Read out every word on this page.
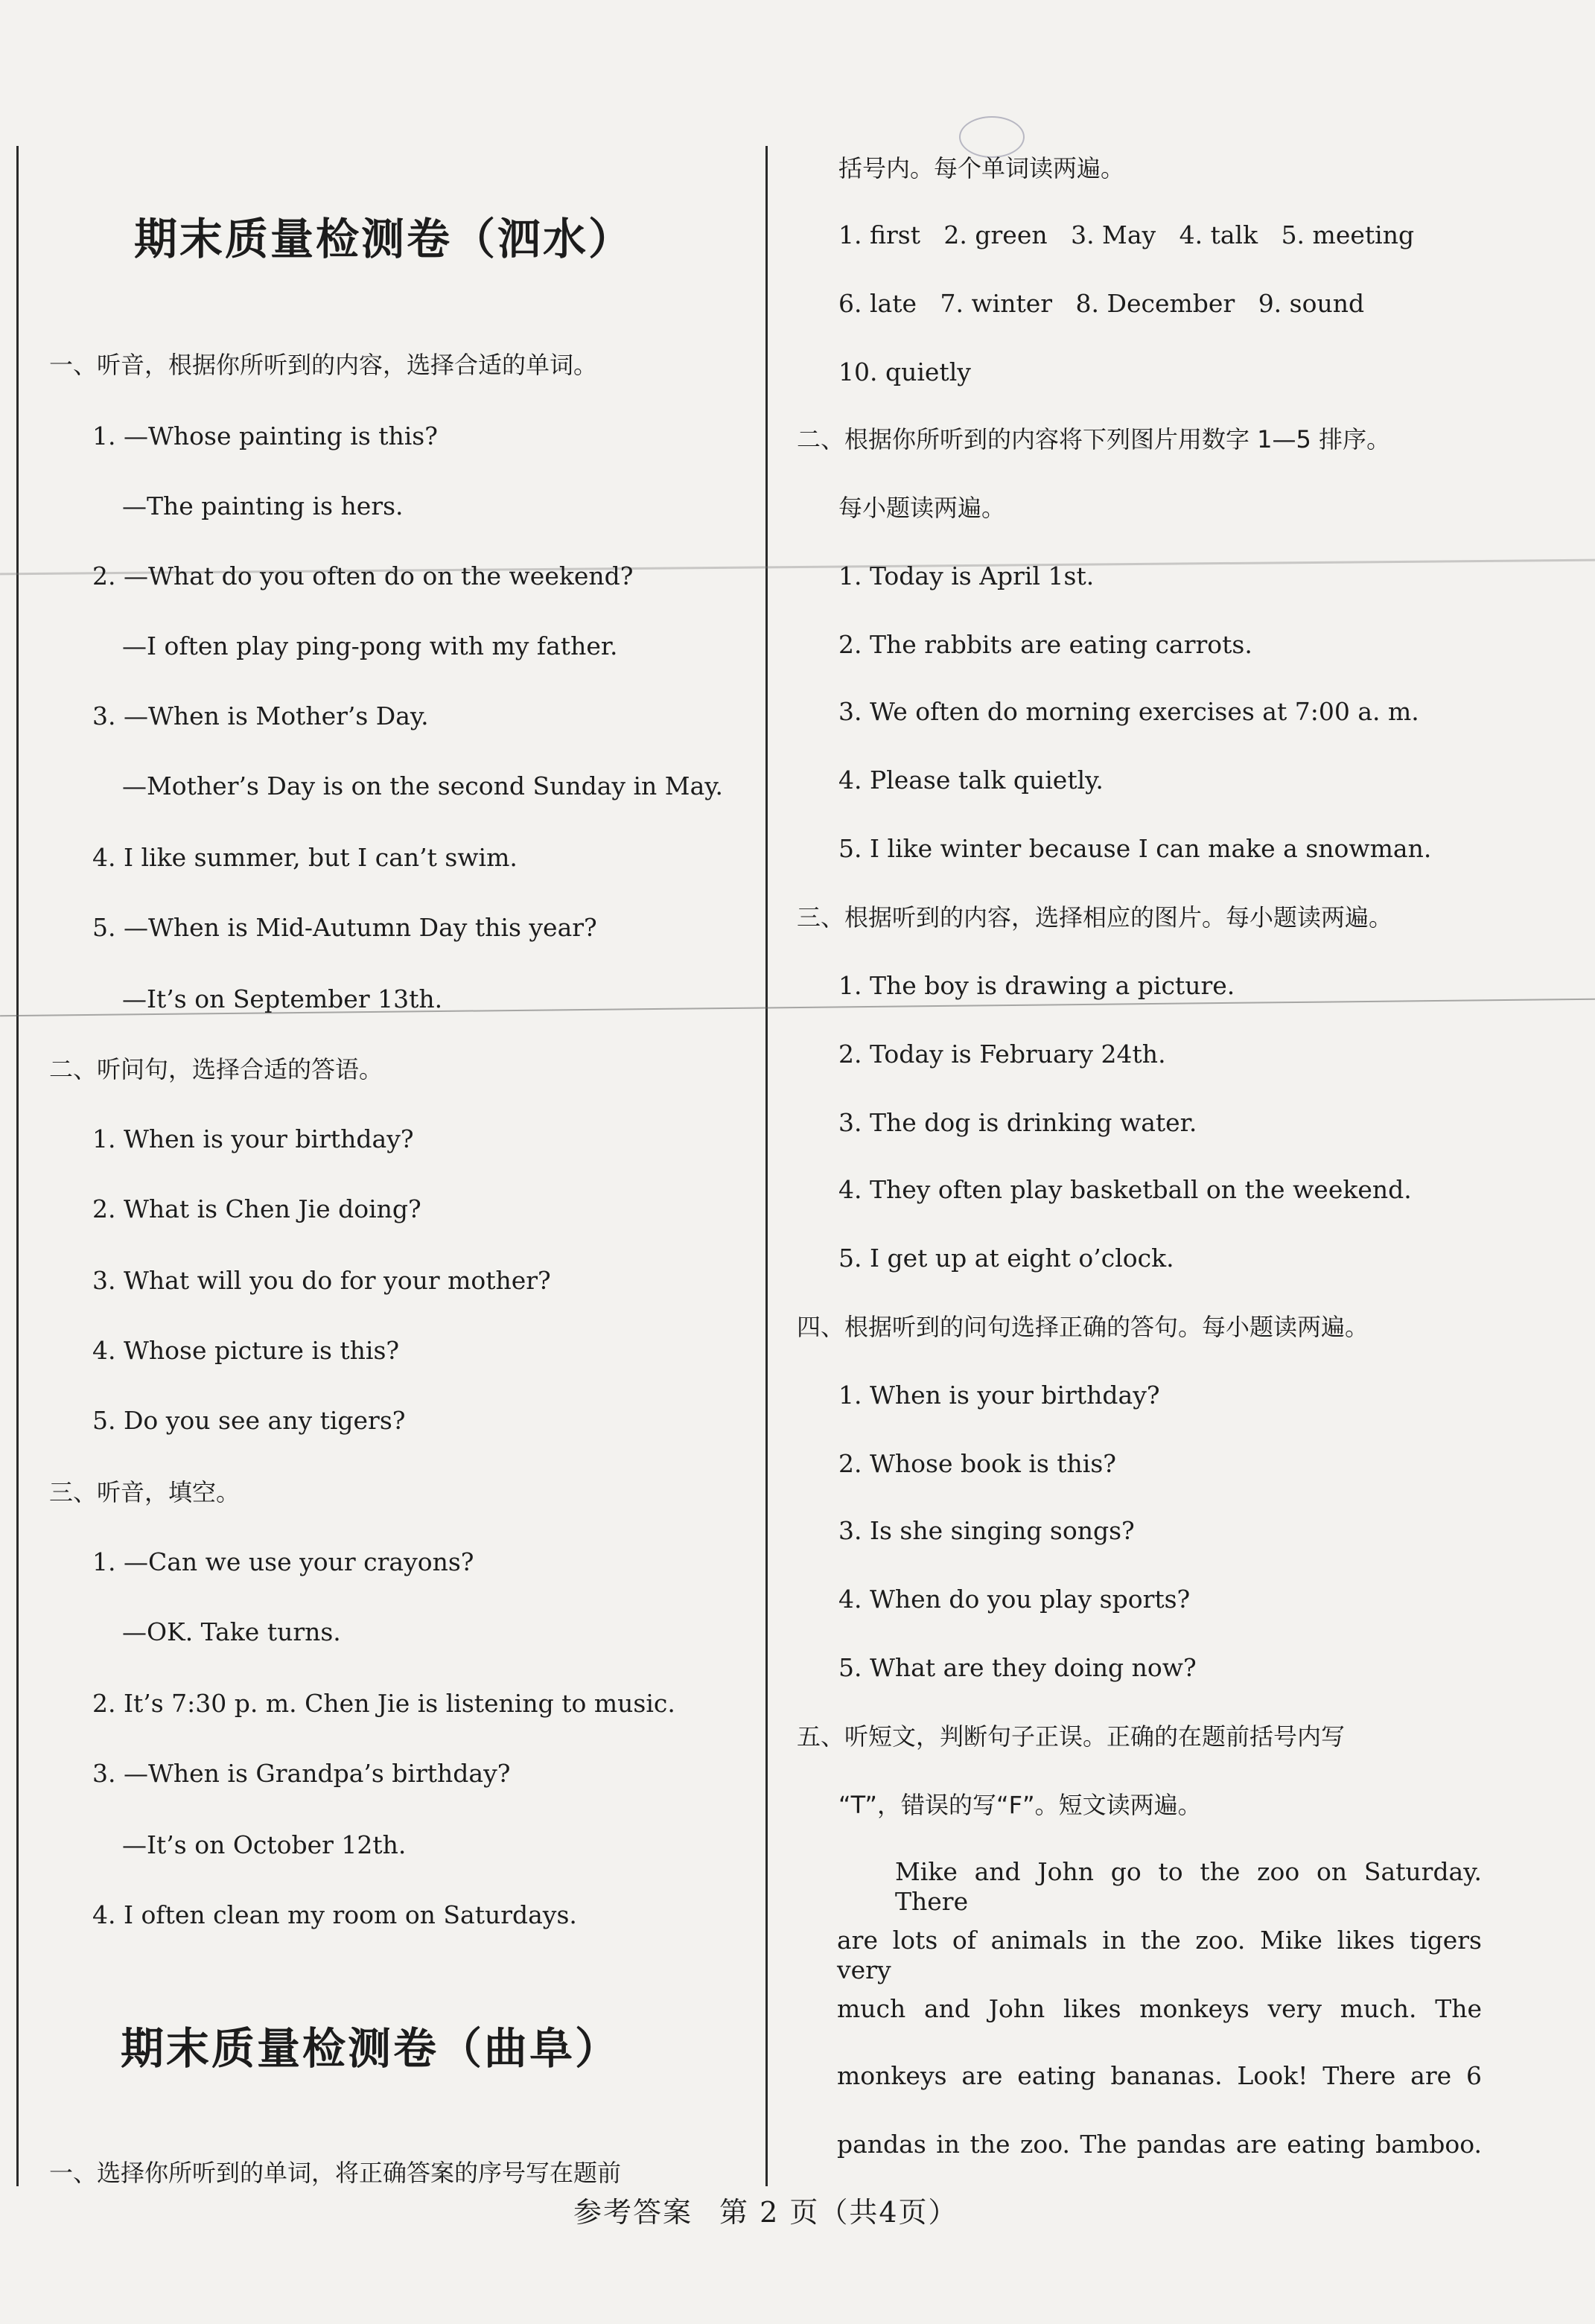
期末质量检测卷（泗水）
一、听音，根据你所听到的内容，选择合适的单词。
1. —Whose painting is this?
—The painting is hers.
2. —What do you often do on the weekend?
—I often play ping-pong with my father.
3. —When is Mother’s Day.
—Mother’s Day is on the second Sunday in May.
4. I like summer, but I can’t swim.
5. —When is Mid-Autumn Day this year?
—It’s on September 13th.
二、听问句，选择合适的答语。
1. When is your birthday?
2. What is Chen Jie doing?
3. What will you do for your mother?
4. Whose picture is this?
5. Do you see any tigers?
三、听音，填空。
1. —Can we use your crayons?
—OK. Take turns.
2. It’s 7:30 p. m. Chen Jie is listening to music.
3. —When is Grandpa’s birthday?
—It’s on October 12th.
4. I often clean my room on Saturdays.
期末质量检测卷（曲阜）
一、选择你所听到的单词，将正确答案的序号写在题前
括号内。每个单词读两遍。
1. first   2. green   3. May   4. talk   5. meeting
6. late   7. winter   8. December   9. sound
10. quietly
二、根据你所听到的内容将下列图片用数字 1—5 排序。
每小题读两遍。
1. Today is April 1st.
2. The rabbits are eating carrots.
3. We often do morning exercises at 7:00 a. m.
4. Please talk quietly.
5. I like winter because I can make a snowman.
三、根据听到的内容，选择相应的图片。每小题读两遍。
1. The boy is drawing a picture.
2. Today is February 24th.
3. The dog is drinking water.
4. They often play basketball on the weekend.
5. I get up at eight o’clock.
四、根据听到的问句选择正确的答句。每小题读两遍。
1. When is your birthday?
2. Whose book is this?
3. Is she singing songs?
4. When do you play sports?
5. What are they doing now?
五、听短文，判断句子正误。正确的在题前括号内写
“T”，错误的写“F”。短文读两遍。
Mike and John go to the zoo on Saturday. There
are lots of animals in the zoo. Mike likes tigers very
much and John likes monkeys very much. The
monkeys are eating bananas. Look! There are 6
pandas in the zoo. The pandas are eating bamboo.
参考答案 第 2 页（共4页）
